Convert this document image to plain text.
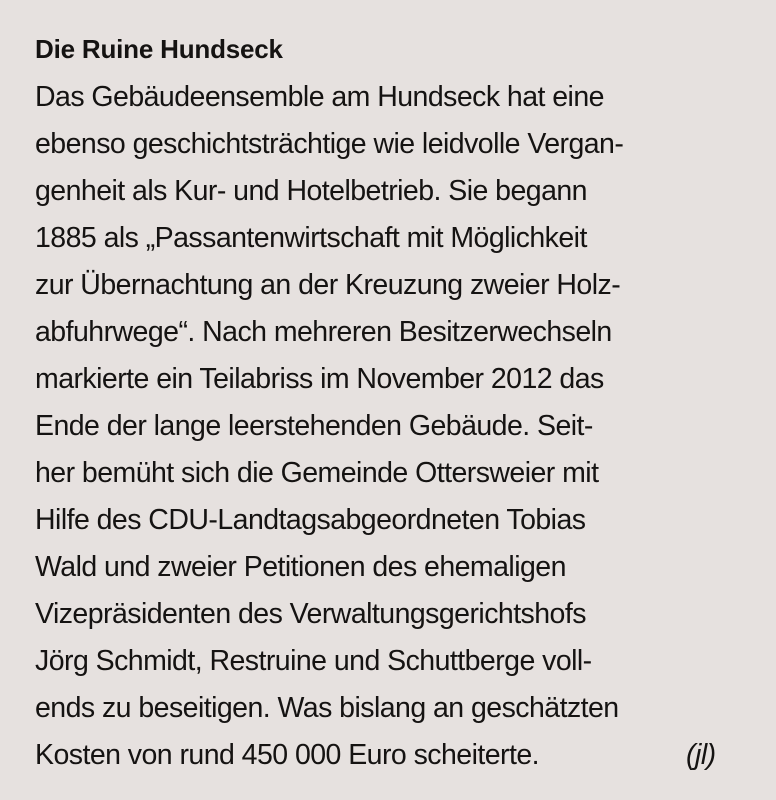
Die Ruine Hundseck
Das Gebäudeensemble am Hundseck hat eine
ebenso geschichtsträchtige wie leidvolle Vergan-
genheit als Kur- und Hotelbetrieb. Sie begann
1885 als „Passantenwirtschaft mit Möglichkeit
zur Übernachtung an der Kreuzung zweier Holz-
abfuhrwege“. Nach mehreren Besitzerwechseln
markierte ein Teilabriss im November 2012 das
Ende der lange leerstehenden Gebäude. Seit-
her bemüht sich die Gemeinde Ottersweier mit
Hilfe des CDU-Landtagsabgeordneten Tobias
Wald und zweier Petitionen des ehemaligen
Vizepräsidenten des Verwaltungsgerichtshofs
Jörg Schmidt, Restruine und Schuttberge voll-
ends zu beseitigen. Was bislang an geschätzten
Kosten von rund 450 000 Euro scheiterte.	(jl)
